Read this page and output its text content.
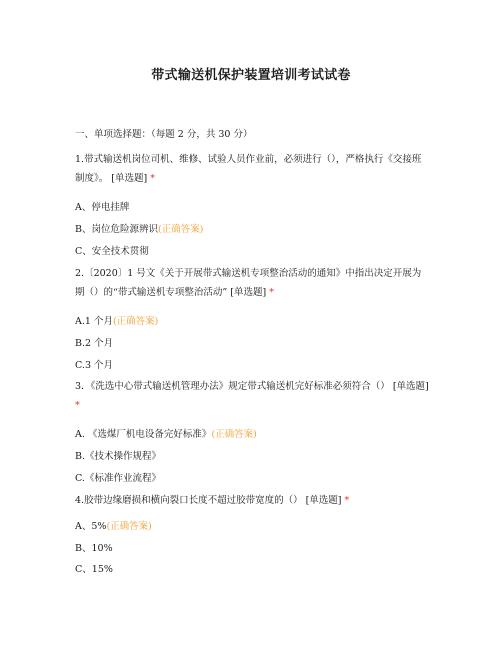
带式输送机保护装置培训考试试卷
一、单项选择题：（每题 2 分，共 30 分）
1.带式输送机岗位司机、维修、试验人员作业前，必须进行（），严格执行《交接班制度》。 [单选题] *
A、停电挂牌
B、岗位危险源辨识(正确答案)
C、安全技术贯彻
2.〔2020〕1 号文《关于开展带式输送机专项整治活动的通知》中指出决定开展为期（）的“带式输送机专项整治活动” [单选题] *
A.1 个月(正确答案)
B.2 个月
C.3 个月
3．《洗选中心带式输送机管理办法》规定带式输送机完好标准必须符合（） [单选题] *
A. 《选煤厂机电设备完好标准》(正确答案)
B.《技术操作规程》
C.《标准作业流程》
4.胶带边缘磨损和横向裂口长度不超过胶带宽度的（） [单选题] *
A、5%(正确答案)
B、10%
C、15%
